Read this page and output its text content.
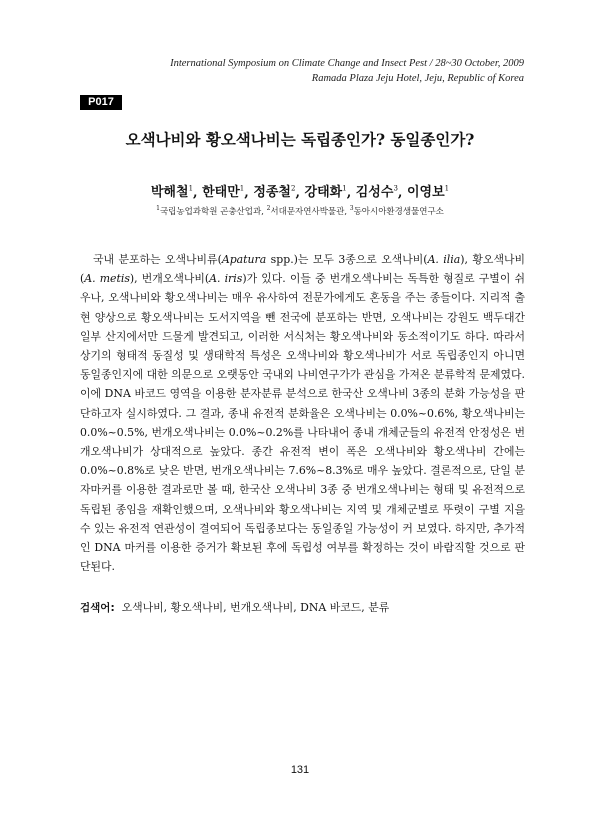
International Symposium on Climate Change and Insect Pest / 28~30 October, 2009
Ramada Plaza Jeju Hotel, Jeju, Republic of Korea
P017
오색나비와 황오색나비는 독립종인가? 동일종인가?
박해철$^1$, 한태만$^1$, 정종철$^2$, 강태화$^1$, 김성수$^3$, 이영보$^1$
$^1$국립농업과학원 곤충산업과, $^2$서대문자연사박물관, $^3$동아시아환경생물연구소

국내 분포하는 오색나비류(Apatura spp.)는 모두 3종으로 오색나비(A. ilia), 황오색나비(A. metis), 번개오색나비(A. iris)가 있다. 이들 중 번개오색나비는 독특한 형질로 구별이 쉬우나, 오색나비와 황오색나비는 매우 유사하여 전문가에게도 혼동을 주는 종들이다. 지리적 출현 양상으로 황오색나비는 도서지역을 뺀 전국에 분포하는 반면, 오색나비는 강원도 백두대간 일부 산지에서만 드물게 발견되고, 이러한 서식처는 황오색나비와 동소적이기도 하다. 따라서 상기의 형태적 동질성 및 생태학적 특성은 오색나비와 황오색나비가 서로 독립종인지 아니면 동일종인지에 대한 의문으로 오랫동안 국내외 나비연구가가 관심을 가져온 분류학적 문제였다. 이에 DNA 바코드 영역을 이용한 분자분류 분석으로 한국산 오색나비 3종의 분화 가능성을 판단하고자 실시하였다. 그 결과, 종내 유전적 분화율은 오색나비는 0.0%~0.6%, 황오색나비는 0.0%~0.5%, 번개오색나비는 0.0%~0.2%를 나타내어 종내 개체군들의 유전적 안정성은 번개오색나비가 상대적으로 높았다. 종간 유전적 변이 폭은 오색나비와 황오색나비 간에는 0.0%~0.8%로 낮은 반면, 번개오색나비는 7.6%~8.3%로 매우 높았다. 결론적으로, 단일 분자마커를 이용한 결과로만 볼 때, 한국산 오색나비 3종 중 번개오색나비는 형태 및 유전적으로 독립된 종임을 재확인했으며, 오색나비와 황오색나비는 지역 및 개체군별로 뚜렷이 구별 지을 수 있는 유전적 연관성이 결여되어 독립종보다는 동일종일 가능성이 커 보였다. 하지만, 추가적인 DNA 마커를 이용한 증거가 확보된 후에 독립성 여부를 확정하는 것이 바람직할 것으로 판단된다.

검색어: 오색나비, 황오색나비, 번개오색나비, DNA 바코드, 분류

131
